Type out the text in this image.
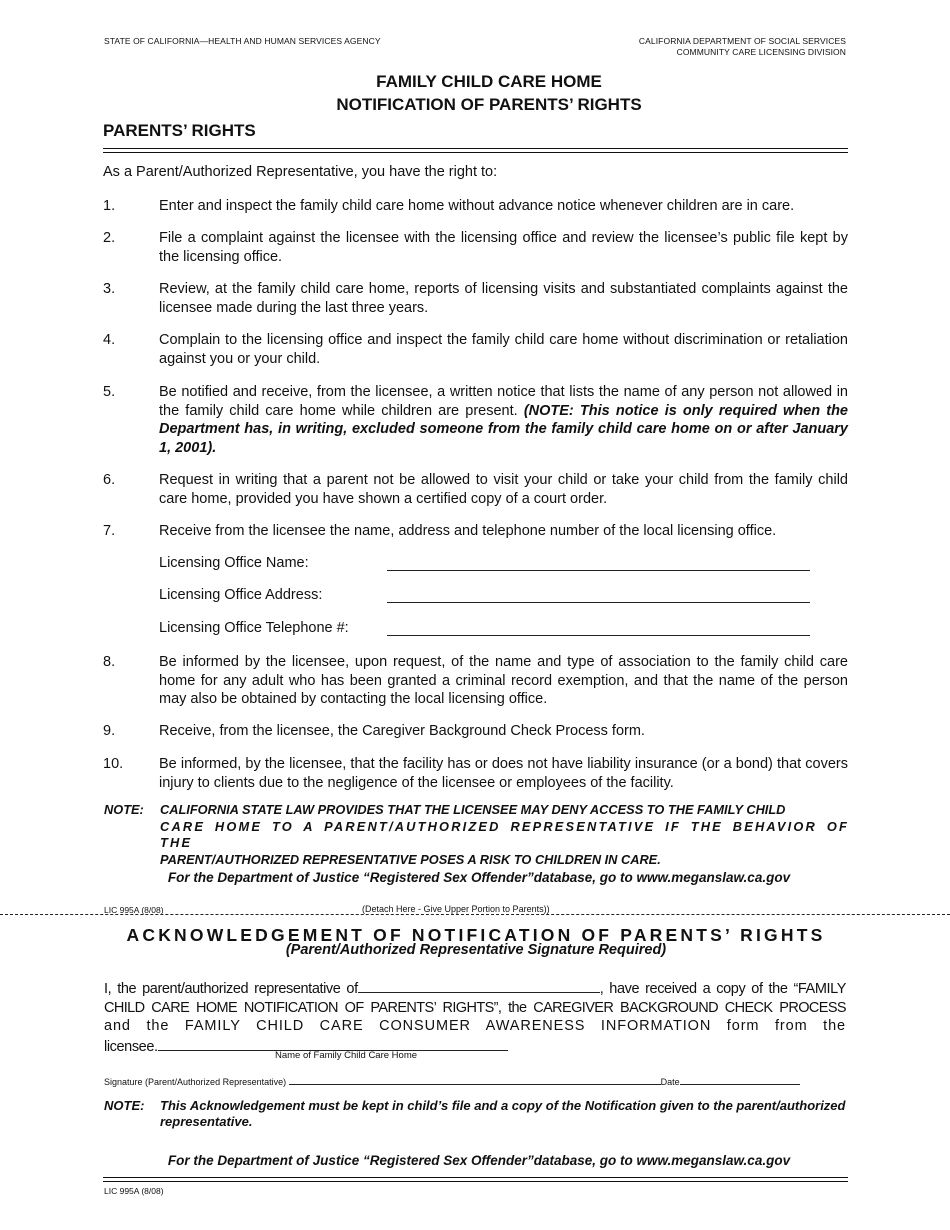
STATE OF CALIFORNIA—HEALTH AND HUMAN SERVICES AGENCY	CALIFORNIA DEPARTMENT OF SOCIAL SERVICES
COMMUNITY CARE LICENSING DIVISION
FAMILY CHILD CARE HOME
NOTIFICATION OF PARENTS’ RIGHTS
PARENTS’ RIGHTS
As a Parent/Authorized Representative, you have the right to:
1.	Enter and inspect the family child care home without advance notice whenever children are in care.
2.	File a complaint against the licensee with the licensing office and review the licensee’s public file kept by the licensing office.
3.	Review, at the family child care home, reports of licensing visits and substantiated complaints against the licensee made during the last three years.
4.	Complain to the licensing office and inspect the family child care home without discrimination or retaliation against you or your child.
5.	Be notified and receive, from the licensee, a written notice that lists the name of any person not allowed in the family child care home while children are present. (NOTE: This notice is only required when the Department has, in writing, excluded someone from the family child care home on or after January 1, 2001).
6.	Request in writing that a parent not be allowed to visit your child or take your child from the family child care home, provided you have shown a certified copy of a court order.
7.	Receive from the licensee the name, address and telephone number of the local licensing office.
Licensing Office Name:
Licensing Office Address:
Licensing Office Telephone #:
8.	Be informed by the licensee, upon request, of the name and type of association to the family child care home for any adult who has been granted a criminal record exemption, and that the name of the person may also be obtained by contacting the local licensing office.
9.	Receive, from the licensee, the Caregiver Background Check Process form.
10.	Be informed, by the licensee, that the facility has or does not have liability insurance (or a bond) that covers injury to clients due to the negligence of the licensee or employees of the facility.
NOTE: CALIFORNIA STATE LAW PROVIDES THAT THE LICENSEE MAY DENY ACCESS TO THE FAMILY CHILD
CARE HOME TO A PARENT/AUTHORIZED REPRESENTATIVE IF THE BEHAVIOR OF THE
PARENT/AUTHORIZED REPRESENTATIVE POSES A RISK TO CHILDREN IN CARE.
For the Department of Justice “Registered Sex Offender”database, go to www.meganslaw.ca.gov
LIC 995A (8/08)	(Detach Here - Give Upper Portion to Parents))
ACKNOWLEDGEMENT OF NOTIFICATION OF PARENTS’ RIGHTS
(Parent/Authorized Representative Signature Required)
I, the parent/authorized representative of	, have received a copy of the “FAMILY
CHILD CARE HOME NOTIFICATION OF PARENTS’ RIGHTS”, the CAREGIVER BACKGROUND CHECK PROCESS
and the FAMILY CHILD CARE CONSUMER AWARENESS INFORMATION form from the
licensee.
Name of Family Child Care Home
Signature (Parent/Authorized Representative)	Date
NOTE: This Acknowledgement must be kept in child’s file and a copy of the Notification given to the parent/authorized representative.
For the Department of Justice “Registered Sex Offender”database, go to www.meganslaw.ca.gov
LIC 995A (8/08)
